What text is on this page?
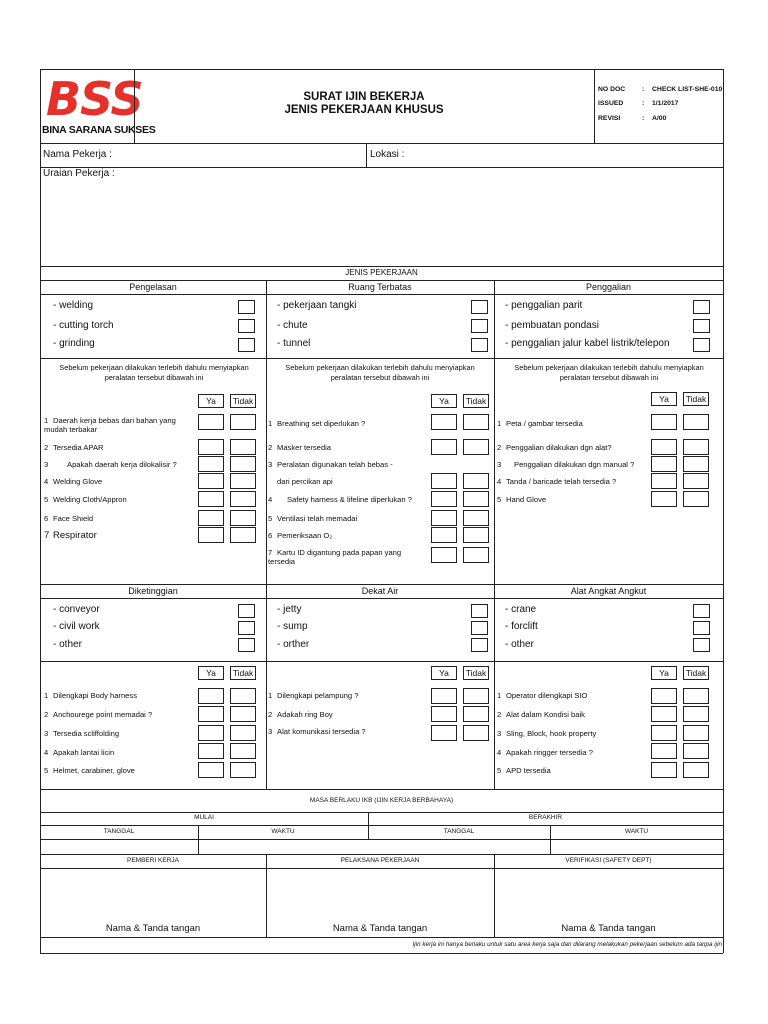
BSS
BINA SARANA SUKSES
SURAT IJIN BEKERJA
JENIS PEKERJAAN KHUSUS
NO DOC : CHECK LIST-SHE-010
ISSUED	: 1/1/2017
REVISI	: A/00
Nama Pekerja :	Lokasi :
Uraian Pekerja :
JENIS PEKERJAAN
Pengelasan
- welding
- cutting torch
- grinding
Sebelum pekerjaan dilakukan terlebih dahulu menyiapkan peralatan tersebut dibawah ini
Ya	Tidak
1 Daerah kerja bebas dari bahan yang mudah terbakar
2 Tersedia APAR
3 Apakah daerah kerja dilokalisir ?
4 Welding Glove
5 Welding Cloth/Appron
6 Face Shield
7 Respirator
Ruang Terbatas
- pekerjaan tangki
- chute
- tunnel
Sebelum pekerjaan dilakukan terlebih dahulu menyiapkan peralatan tersebut dibawah ini
Ya	Tidak
1 Breathing set diperlukan ?
2 Masker tersedia
3 Peralatan digunakan telah bebas -
dari percikan api
4 Safety harness & lifeline diperlukan ?
5 Ventilasi telah memadai
6 Pemeriksaan O₂
7 Kartu ID digantung pada papan yang tersedia
Penggalian
- penggalian parit
- pembuatan pondasi
- penggalian jalur kabel listrik/telepon
Sebelum pekerjaan dilakukan terlebih dahulu menyiapkan peralatan tersebut dibawah ini
Ya	Tidak
1 Peta / gambar tersedia
2 Penggalian dilakukan dgn alat?
3 Penggalian dilakukan dgn manual ?
4 Tanda / baricade telah tersedia ?
5 Hand Glove
Diketinggian
- conveyor
- civil work
- other
Ya	Tidak
1 Dilengkapi Body harness
2 Anchourege point memadai ?
3 Tersedia scliffolding
4 Apakah lantai licin
5 Helmet, carabiner, glove
Dekat Air
- jetty
- sump
- orther
Ya	Tidak
1 Dilengkapi pelampung ?
2 Adakah ring Boy
3 Alat komunikasi tersedia ?
Alat Angkat Angkut
- crane
- forclift
- other
Ya	Tidak
1 Operator dilengkapi SIO
2 Alat dalam Kondisi baik
3 Sling, Block, hook property
4 Apakah ringger tersedia ?
5 APD tersedia
MASA BERLAKU IKB (IJIN KERJA BERBAHAYA)
MULAI	BERAKHIR
TANGGAL	WAKTU	TANGGAL	WAKTU
PEMBERI KERJA	PELAKSANA PEKERJAAN	VERIFIKASI (SAFETY DEPT)
Nama & Tanda tangan	Nama & Tanda tangan	Nama & Tanda tangan
Ijin kerja ini hanya berlaku untuk satu area kerja saja dan dilarang melakukan pekerjaan sebelum ada tanpa ijin
